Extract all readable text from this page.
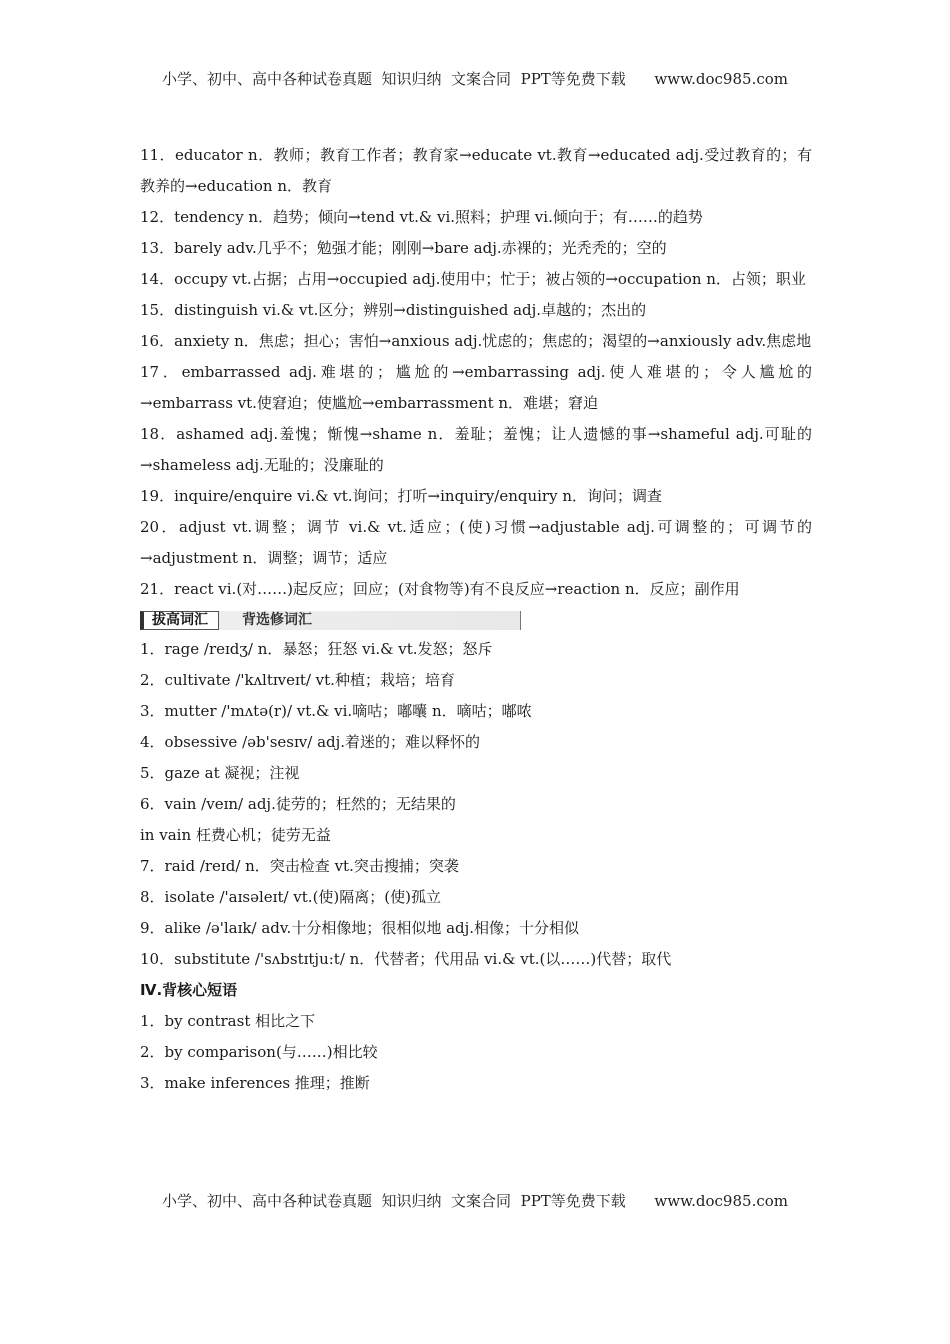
小学、初中、高中各种试卷真题  知识归纳  文案合同  PPT等免费下载      www.doc985.com

11．educator n．教师；教育工作者；教育家→educate vt.教育→educated adj.受过教育的；有教养的→education n．教育

12．tendency n．趋势；倾向→tend vt.& vi.照料；护理 vi.倾向于；有……的趋势

13．barely adv.几乎不；勉强才能；刚刚→bare adj.赤裸的；光秃秃的；空的

14．occupy vt.占据；占用→occupied adj.使用中；忙于；被占领的→occupation n．占领；职业

15．distinguish vi.& vt.区分；辨别→distinguished adj.卓越的；杰出的

16．anxiety n．焦虑；担心；害怕→anxious adj.忧虑的；焦虑的；渴望的→anxiously adv.焦虑地

17．embarrassed adj.难堪的；尴尬的→embarrassing adj.使人难堪的；令人尴尬的→embarrass vt.使窘迫；使尴尬→embarrassment n．难堪；窘迫

18．ashamed adj.羞愧；惭愧→shame n．羞耻；羞愧；让人遗憾的事→shameful adj.可耻的→shameless adj.无耻的；没廉耻的

19．inquire/enquire vi.& vt.询问；打听→inquiry/enquiry n．询问；调查

20．adjust vt.调整；调节 vi.& vt.适应；(使)习惯→adjustable adj.可调整的；可调节的→adjustment n．调整；调节；适应

21．react vi.(对……)起反应；回应；(对食物等)有不良反应→reaction n．反应；副作用

拔高词汇	背选修词汇

1．rage /reɪdʒ/ n．暴怒；狂怒 vi.& vt.发怒；怒斥

2．cultivate /'kʌltɪveɪt/ vt.种植；栽培；培育

3．mutter /'mʌtə(r)/ vt.& vi.嘀咕；嘟囔 n．嘀咕；嘟哝

4．obsessive /əb'sesɪv/ adj.着迷的；难以释怀的

5．gaze at 凝视；注视

6．vain /veɪn/ adj.徒劳的；枉然的；无结果的

in vain 枉费心机；徒劳无益

7．raid /reɪd/ n．突击检查 vt.突击搜捕；突袭

8．isolate /'aɪsəleɪt/ vt.(使)隔离；(使)孤立

9．alike /ə'laɪk/ adv.十分相像地；很相似地 adj.相像；十分相似

10．substitute /'sʌbstɪtju:t/ n．代替者；代用品 vi.& vt.(以……)代替；取代

Ⅳ.背核心短语

1．by contrast 相比之下

2．by comparison(与……)相比较

3．make inferences 推理；推断

小学、初中、高中各种试卷真题  知识归纳  文案合同  PPT等免费下载      www.doc985.com
